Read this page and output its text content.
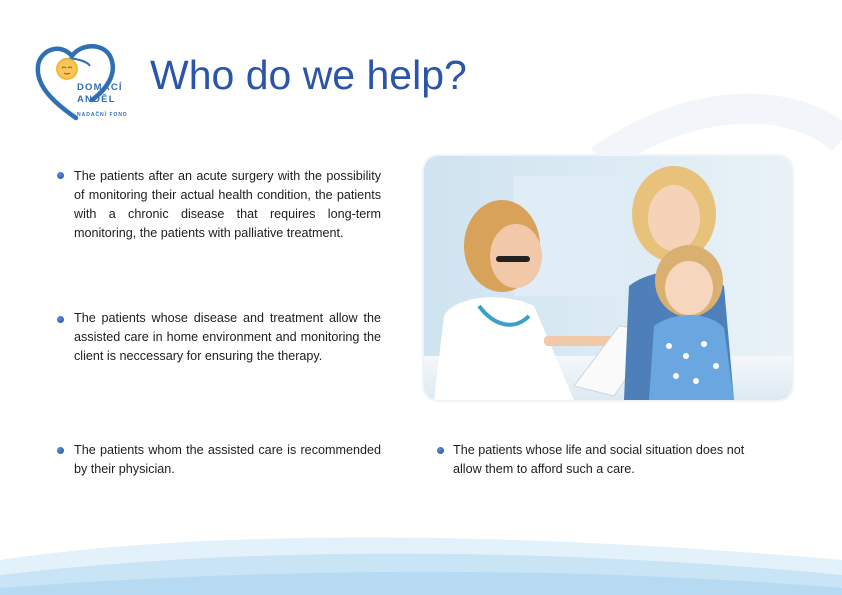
DOMÁCÍ
ANDĚL
NADAČNÍ FOND
Who do we help?

The patients after an acute surgery with the possibility of monitoring their actual health condition, the patients with a chronic disease that requires long-term monitoring, the patients with palliative treatment.

The patients whose disease and treatment allow the assisted care in home environment and monitoring the client is neccessary for ensuring the therapy.

The patients whom the assisted care is recommended by their physician.

The patients whose life and social situation does not allow them to afford such a care.
